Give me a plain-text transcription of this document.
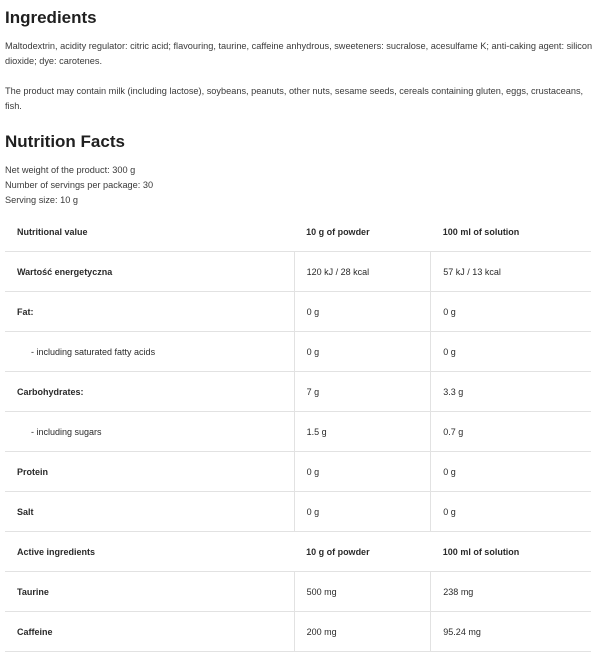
Ingredients

Maltodextrin, acidity regulator: citric acid; flavouring, taurine, caffeine anhydrous, sweeteners: sucralose, acesulfame K; anti-caking agent: silicon dioxide; dye: carotenes.

The product may contain milk (including lactose), soybeans, peanuts, other nuts, sesame seeds, cereals containing gluten, eggs, crustaceans, fish.

Nutrition Facts
Net weight of the product: 300 g
Number of servings per package: 30
Serving size: 10 g
Nutritional value	10 g of powder	100 ml of solution
Wartość energetyczna	120 kJ / 28 kcal	57 kJ / 13 kcal
Fat:	0 g	0 g
- including saturated fatty acids	0 g	0 g
Carbohydrates:	7 g	3.3 g
- including sugars	1.5 g	0.7 g
Protein	0 g	0 g
Salt	0 g	0 g
Active ingredients	10 g of powder	100 ml of solution
Taurine	500 mg	238 mg
Caffeine	200 mg	95.24 mg
